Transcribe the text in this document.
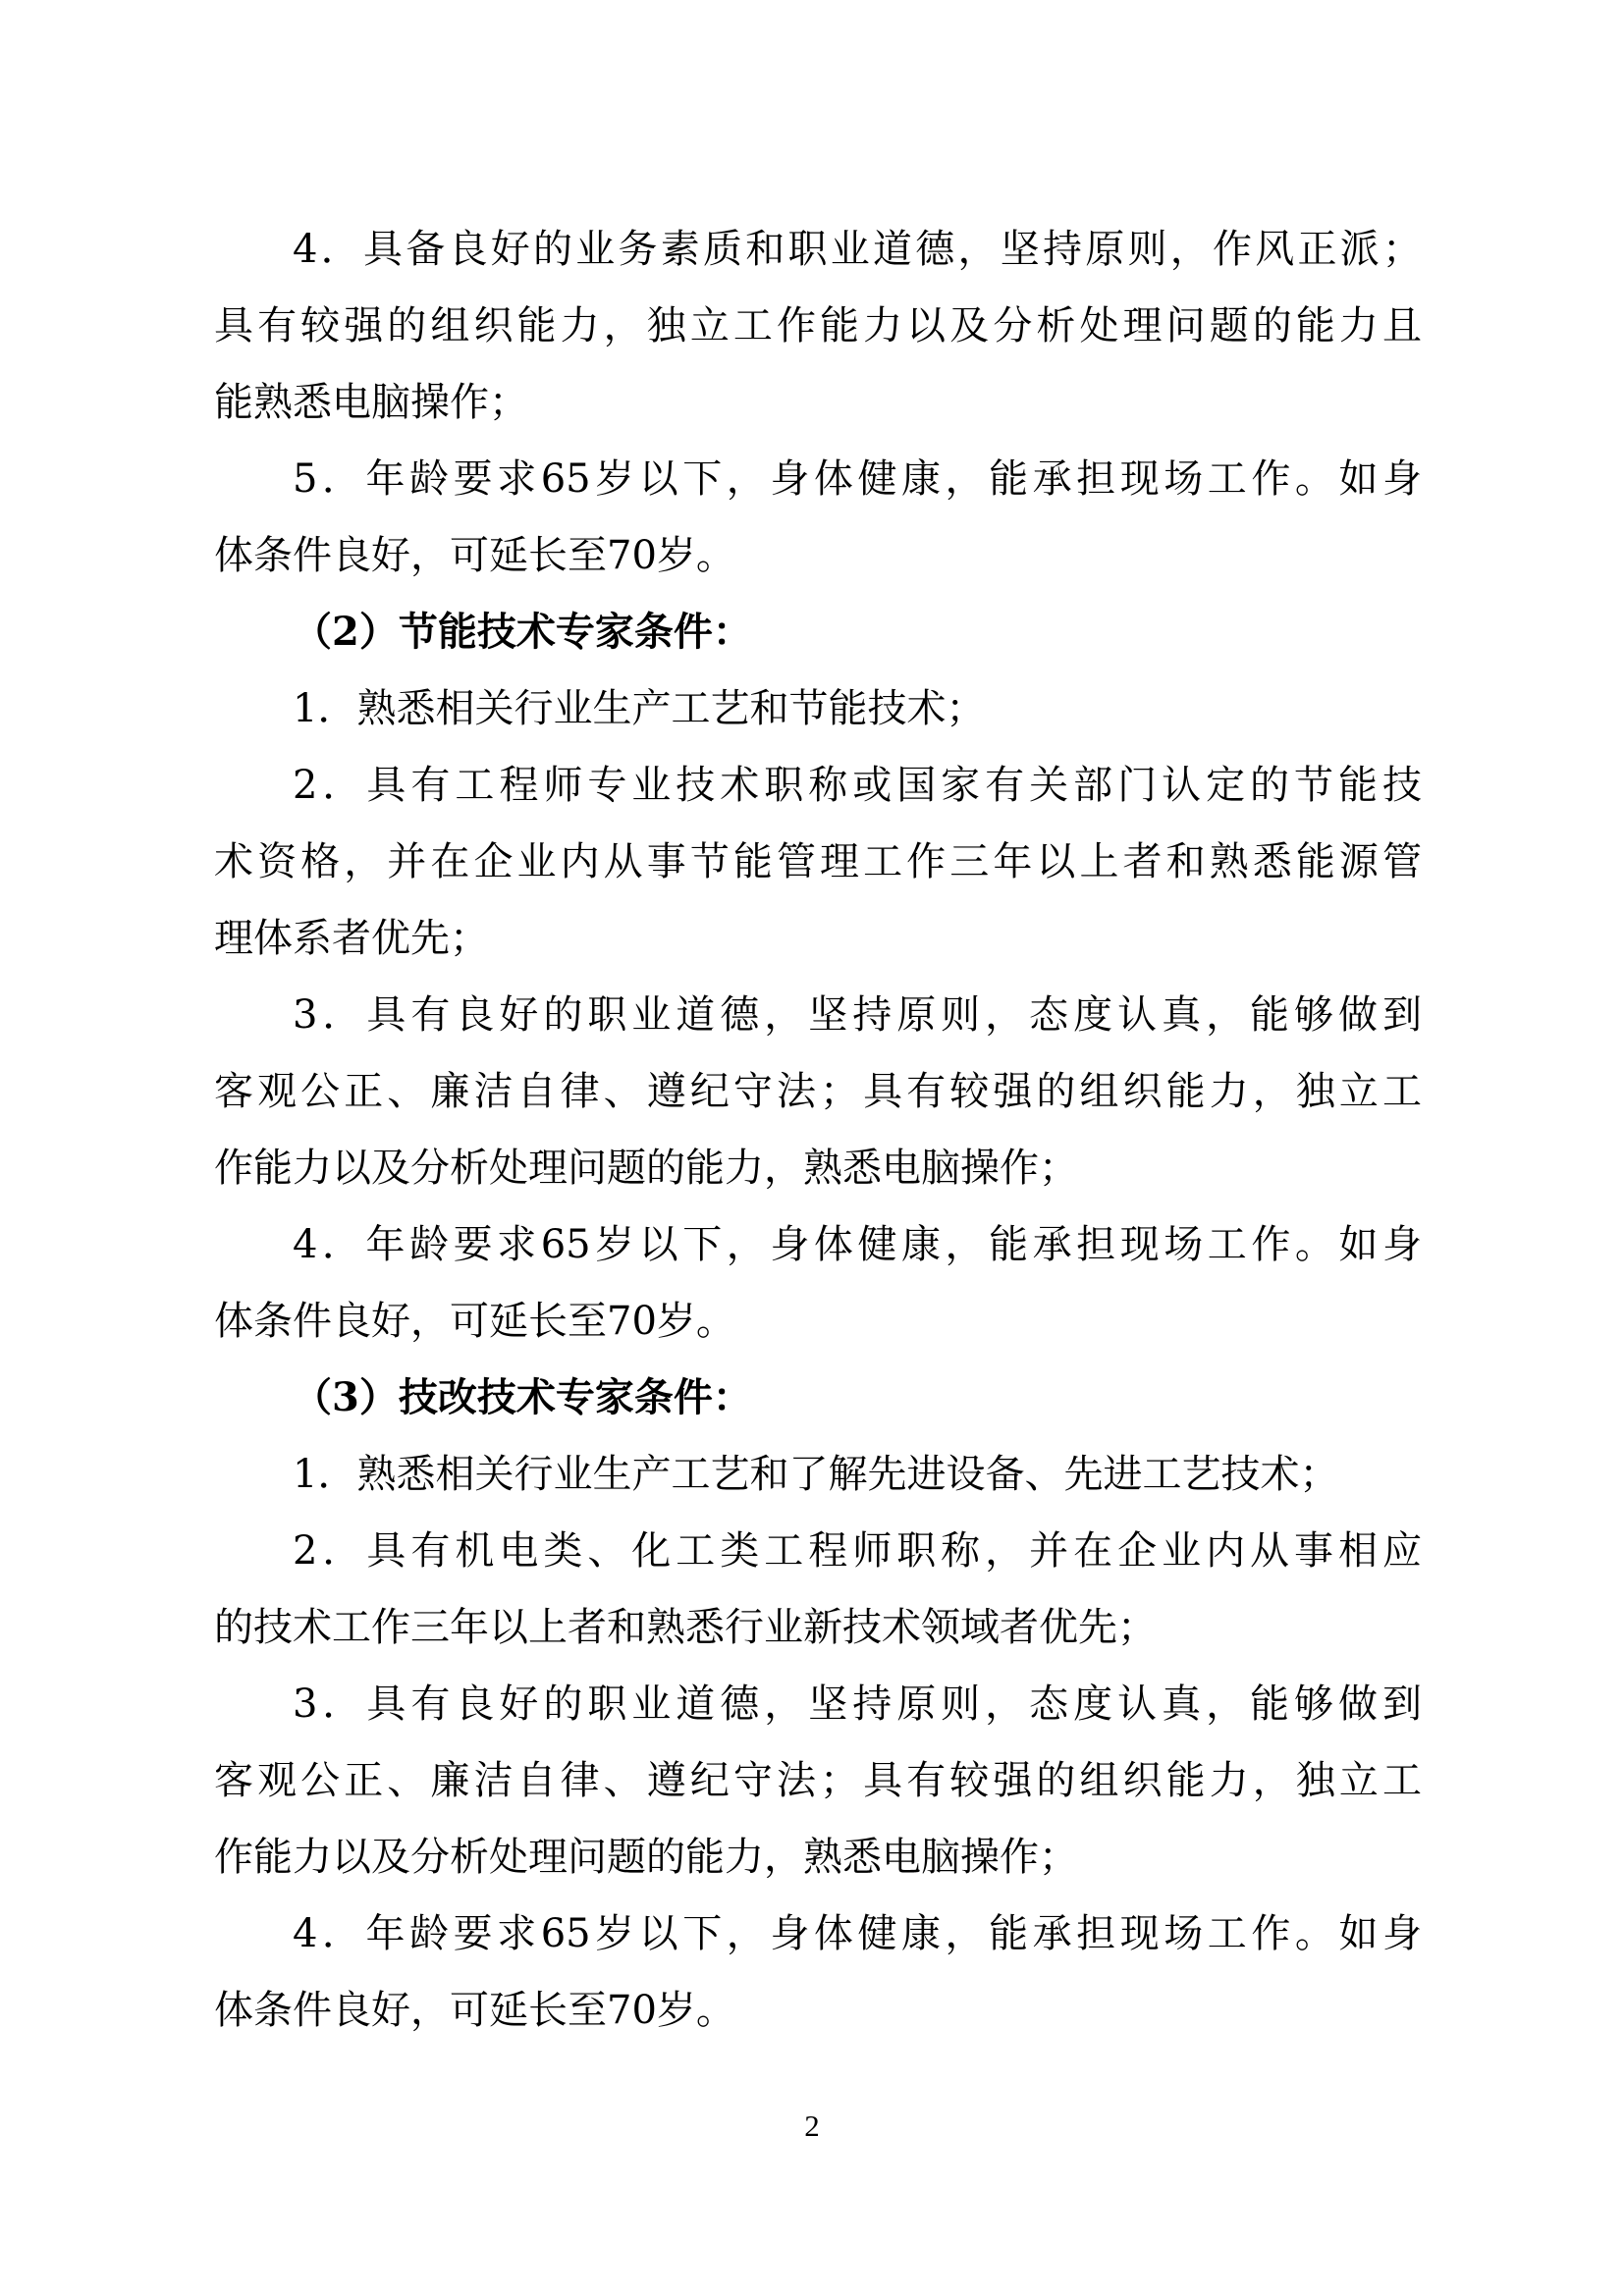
4．具备良好的业务素质和职业道德，坚持原则，作风正派；

具有较强的组织能力，独立工作能力以及分析处理问题的能力且

能熟悉电脑操作；

5．年龄要求65岁以下，身体健康，能承担现场工作。如身

体条件良好，可延长至70岁。

（2）节能技术专家条件：

1．熟悉相关行业生产工艺和节能技术；

2．具有工程师专业技术职称或国家有关部门认定的节能技

术资格，并在企业内从事节能管理工作三年以上者和熟悉能源管

理体系者优先；

3．具有良好的职业道德，坚持原则，态度认真，能够做到

客观公正、廉洁自律、遵纪守法；具有较强的组织能力，独立工

作能力以及分析处理问题的能力，熟悉电脑操作；

4．年龄要求65岁以下，身体健康，能承担现场工作。如身

体条件良好，可延长至70岁。

（3）技改技术专家条件：

1．熟悉相关行业生产工艺和了解先进设备、先进工艺技术；

2．具有机电类、化工类工程师职称，并在企业内从事相应

的技术工作三年以上者和熟悉行业新技术领域者优先；

3．具有良好的职业道德，坚持原则，态度认真，能够做到

客观公正、廉洁自律、遵纪守法；具有较强的组织能力，独立工

作能力以及分析处理问题的能力，熟悉电脑操作；

4．年龄要求65岁以下，身体健康，能承担现场工作。如身

体条件良好，可延长至70岁。

2
